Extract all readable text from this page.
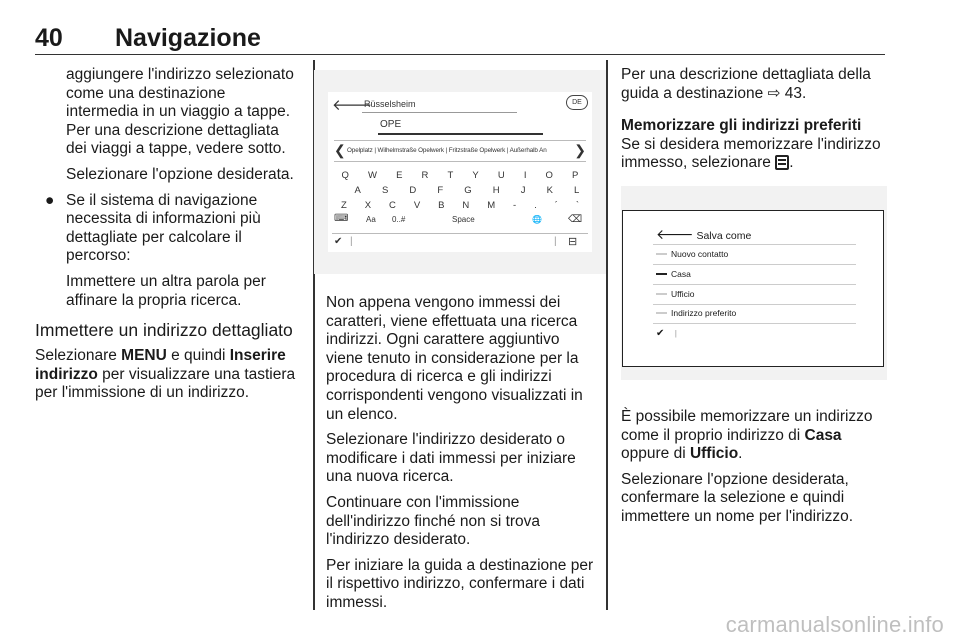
40 Navigazione

aggiungere l'indirizzo selezionato come una destinazione intermedia in un viaggio a tappe. Per una descrizione dettagliata dei viaggi a tappe, vedere sotto.

Selezionare l'opzione desiderata.

● Se il sistema di navigazione necessita di informazioni più dettagliate per calcolare il percorso:

Immettere un altra parola per affinare la propria ricerca.

Immettere un indirizzo dettagliato

Selezionare MENU e quindi Inserire indirizzo per visualizzare una tastiera per l'immissione di un indirizzo.

🡐
Rüsselsheim	DE
OPE
❮ Opelplatz | Wilhelmstraße Opelwerk | Fritzstraße Opelwerk | Außerhalb An	❯
Q W E R T Y U I O P
A S D F G H J K L
Z X C V B N M - . ´ `
⌨ Aa 0..#	Space	🌐	⌫
✔ |	| ⊟

Non appena vengono immessi dei caratteri, viene effettuata una ricerca indirizzi. Ogni carattere aggiuntivo viene tenuto in considerazione per la procedura di ricerca e gli indirizzi corrispondenti vengono visualizzati in un elenco.

Selezionare l'indirizzo desiderato o modificare i dati immessi per iniziare una nuova ricerca.

Continuare con l'immissione dell'indirizzo finché non si trova l'indirizzo desiderato.

Per iniziare la guida a destinazione per il rispettivo indirizzo, confermare i dati immessi.

Per una descrizione dettagliata della guida a destinazione ⇨ 43.

Memorizzare gli indirizzi preferiti

Se si desidera memorizzare l'indirizzo immesso, selezionare .

🡐 Salva come
Nuovo contatto
Casa
Ufficio
Indirizzo preferito
✔ |

È possibile memorizzare un indirizzo come il proprio indirizzo di Casa oppure di Ufficio.

Selezionare l'opzione desiderata, confermare la selezione e quindi immettere un nome per l'indirizzo.

carmanualsonline.info
